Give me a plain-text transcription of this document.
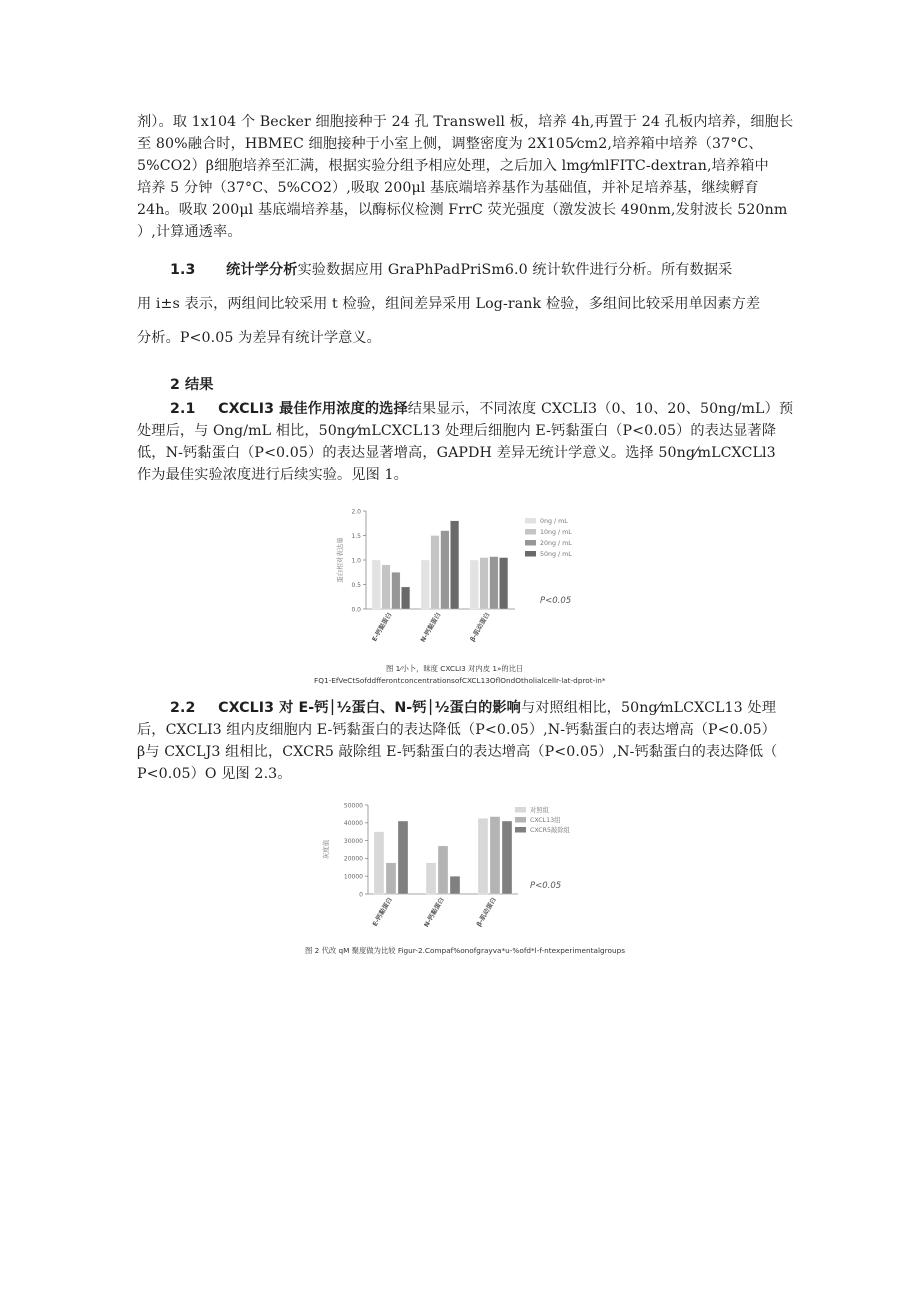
剂）。取 1x104 个 Becker 细胞接种于 24 孔 Transwell 板，培养 4h,再置于 24 孔板内培养，细胞长
至 80%融合时，HBMEC 细胞接种于小室上侧，调整密度为 2X105⁄cm2,培养箱中培养（37°C、
5%CO2）β细胞培养至汇满，根据实验分组予相应处理，之后加入 lmg⁄mlFITC-dextran,培养箱中
培养 5 分钟（37°C、5%CO2）,吸取 200μl 基底端培养基作为基础值，并补足培养基，继续孵育
24h。吸取 200μl 基底端培养基，以酶标仪检测 FrrC 荧光强度（激发波长 490nm,发射波长 520nm
）,计算通透率。
1.3 统计学分析实验数据应用 GraPhPadPriSm6.0 统计软件进行分析。所有数据采
用 i±s 表示，两组间比较采用 t 检验，组间差异采用 Log-rank 检验，多组间比较采用单因素方差
分析。P<0.05 为差异有统计学意义。
2 结果
2.1 CXCLI3 最佳作用浓度的选择结果显示，不同浓度 CXCLI3（0、10、20、50ng/mL）预
处理后，与 Ong/mL 相比，50ng⁄mLCXCL13 处理后细胞内 E-钙黏蛋白（P<0.05）的表达显著降
低，N-钙黏蛋白（P<0.05）的表达显著增高，GAPDH 差异无统计学意义。选择 50ng⁄mLCXCLl3
作为最佳实验浓度进行后续实验。见图 1。
蛋白相对表达量
0.0
0.5
1.0
1.5
2.0
E-钙黏蛋白	N-钙黏蛋白	β-肌动蛋白
0ng / mL
10ng / mL
20ng / mL
50ng / mL
P<0.05
图 1⁄小卜，昧度 CXCLI3 对内皮 1»的比日
FQ1-EfVeCtSofddfferontconcentrationsofCXCL13OflOndOtholialcellr-lat-dprot-in*
2.2 CXCLI3 对 E-钙⏐½蛋白、N-钙⏐½蛋白的影响与对照组相比，50ng⁄mLCXCL13 处理
后，CXCLI3 组内皮细胞内 E-钙黏蛋白的表达降低（P<0.05）,N-钙黏蛋白的表达增高（P<0.05）
β与 CXCLJ3 组相比，CXCR5 敲除组 E-钙黏蛋白的表达增高（P<0.05）,N-钙黏蛋白的表达降低（
P<0.05）O 见图 2.3。
灰度值
0
10000
20000
30000
40000
50000
E-钙黏蛋白	N-钙黏蛋白	β-肌动蛋白
对照组
CXCL13组
CXCR5敲除组
P<0.05
图 2 代改 qM 聚度做为比较 Figur-2.Compaf%onofgrayva*u-%ofd*l-f-ntexperimentalgroups
